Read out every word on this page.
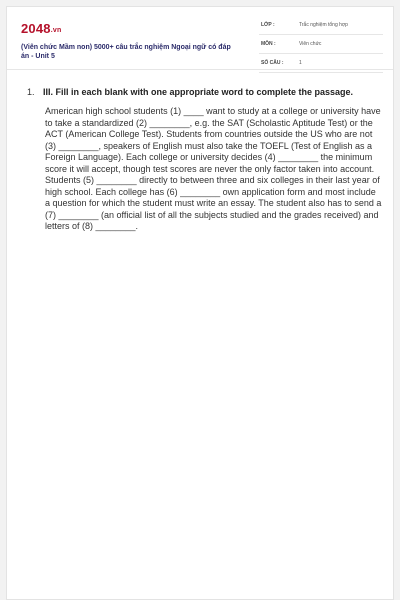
2048.vn
(Viên chức Mầm non) 5000+ câu trắc nghiệm Ngoại ngữ có đáp án - Unit 5
LỚP :	Trắc nghiệm tổng hợp
MÔN :	Viên chức
SỐ CÂU :	1
1. III. Fill in each blank with one appropriate word to complete the passage.
American high school students (1) ____ want to study at a college or university have to take a standardized (2) ________, e.g. the SAT (Scholastic Aptitude Test) or the ACT (American College Test). Students from countries outside the US who are not (3) ________, speakers of English must also take the TOEFL (Test of English as a Foreign Language). Each college or university decides (4) ________ the minimum score it will accept, though test scores are never the only factor taken into account. Students (5) ________ directly to between three and six colleges in their last year of high school. Each college has (6) ________ own application form and most include a question for which the student must write an essay. The student also has to send a (7) ________ (an official list of all the subjects studied and the grades received) and letters of (8) ________.
